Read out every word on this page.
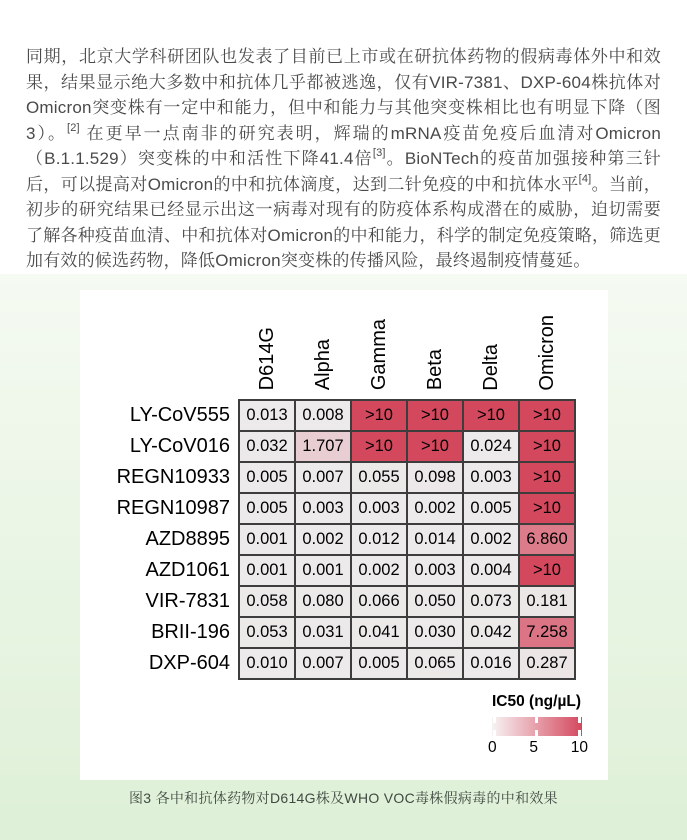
同期，北京大学科研团队也发表了目前已上市或在研抗体药物的假病毒体外中和效果，结果显示绝大多数中和抗体几乎都被逃逸，仅有VIR-7381、DXP-604株抗体对Omicron突变株有一定中和能力，但中和能力与其他突变株相比也有明显下降（图3）。[2] 在更早一点南非的研究表明，辉瑞的mRNA疫苗免疫后血清对Omicron（B.1.1.529）突变株的中和活性下降41.4倍[3]。BioNTech的疫苗加强接种第三针后，可以提高对Omicron的中和抗体滴度，达到二针免疫的中和抗体水平[4]。当前，初步的研究结果已经显示出这一病毒对现有的防疫体系构成潜在的威胁，迫切需要了解各种疫苗血清、中和抗体对Omicron的中和能力，科学的制定免疫策略，筛选更加有效的候选药物，降低Omicron突变株的传播风险，最终遏制疫情蔓延。

	D614G	Alpha	Gamma	Beta	Delta	Omicron
LY-CoV555	0.013	0.008	>10	>10	>10	>10
LY-CoV016	0.032	1.707	>10	>10	0.024	>10
REGN10933	0.005	0.007	0.055	0.098	0.003	>10
REGN10987	0.005	0.003	0.003	0.002	0.005	>10
AZD8895	0.001	0.002	0.012	0.014	0.002	6.860
AZD1061	0.001	0.001	0.002	0.003	0.004	>10
VIR-7831	0.058	0.080	0.066	0.050	0.073	0.181
BRII-196	0.053	0.031	0.041	0.030	0.042	7.258
DXP-604	0.010	0.007	0.005	0.065	0.016	0.287
IC50 (ng/µL)
0 5 10
图3 各中和抗体药物对D614G株及WHO VOC毒株假病毒的中和效果
